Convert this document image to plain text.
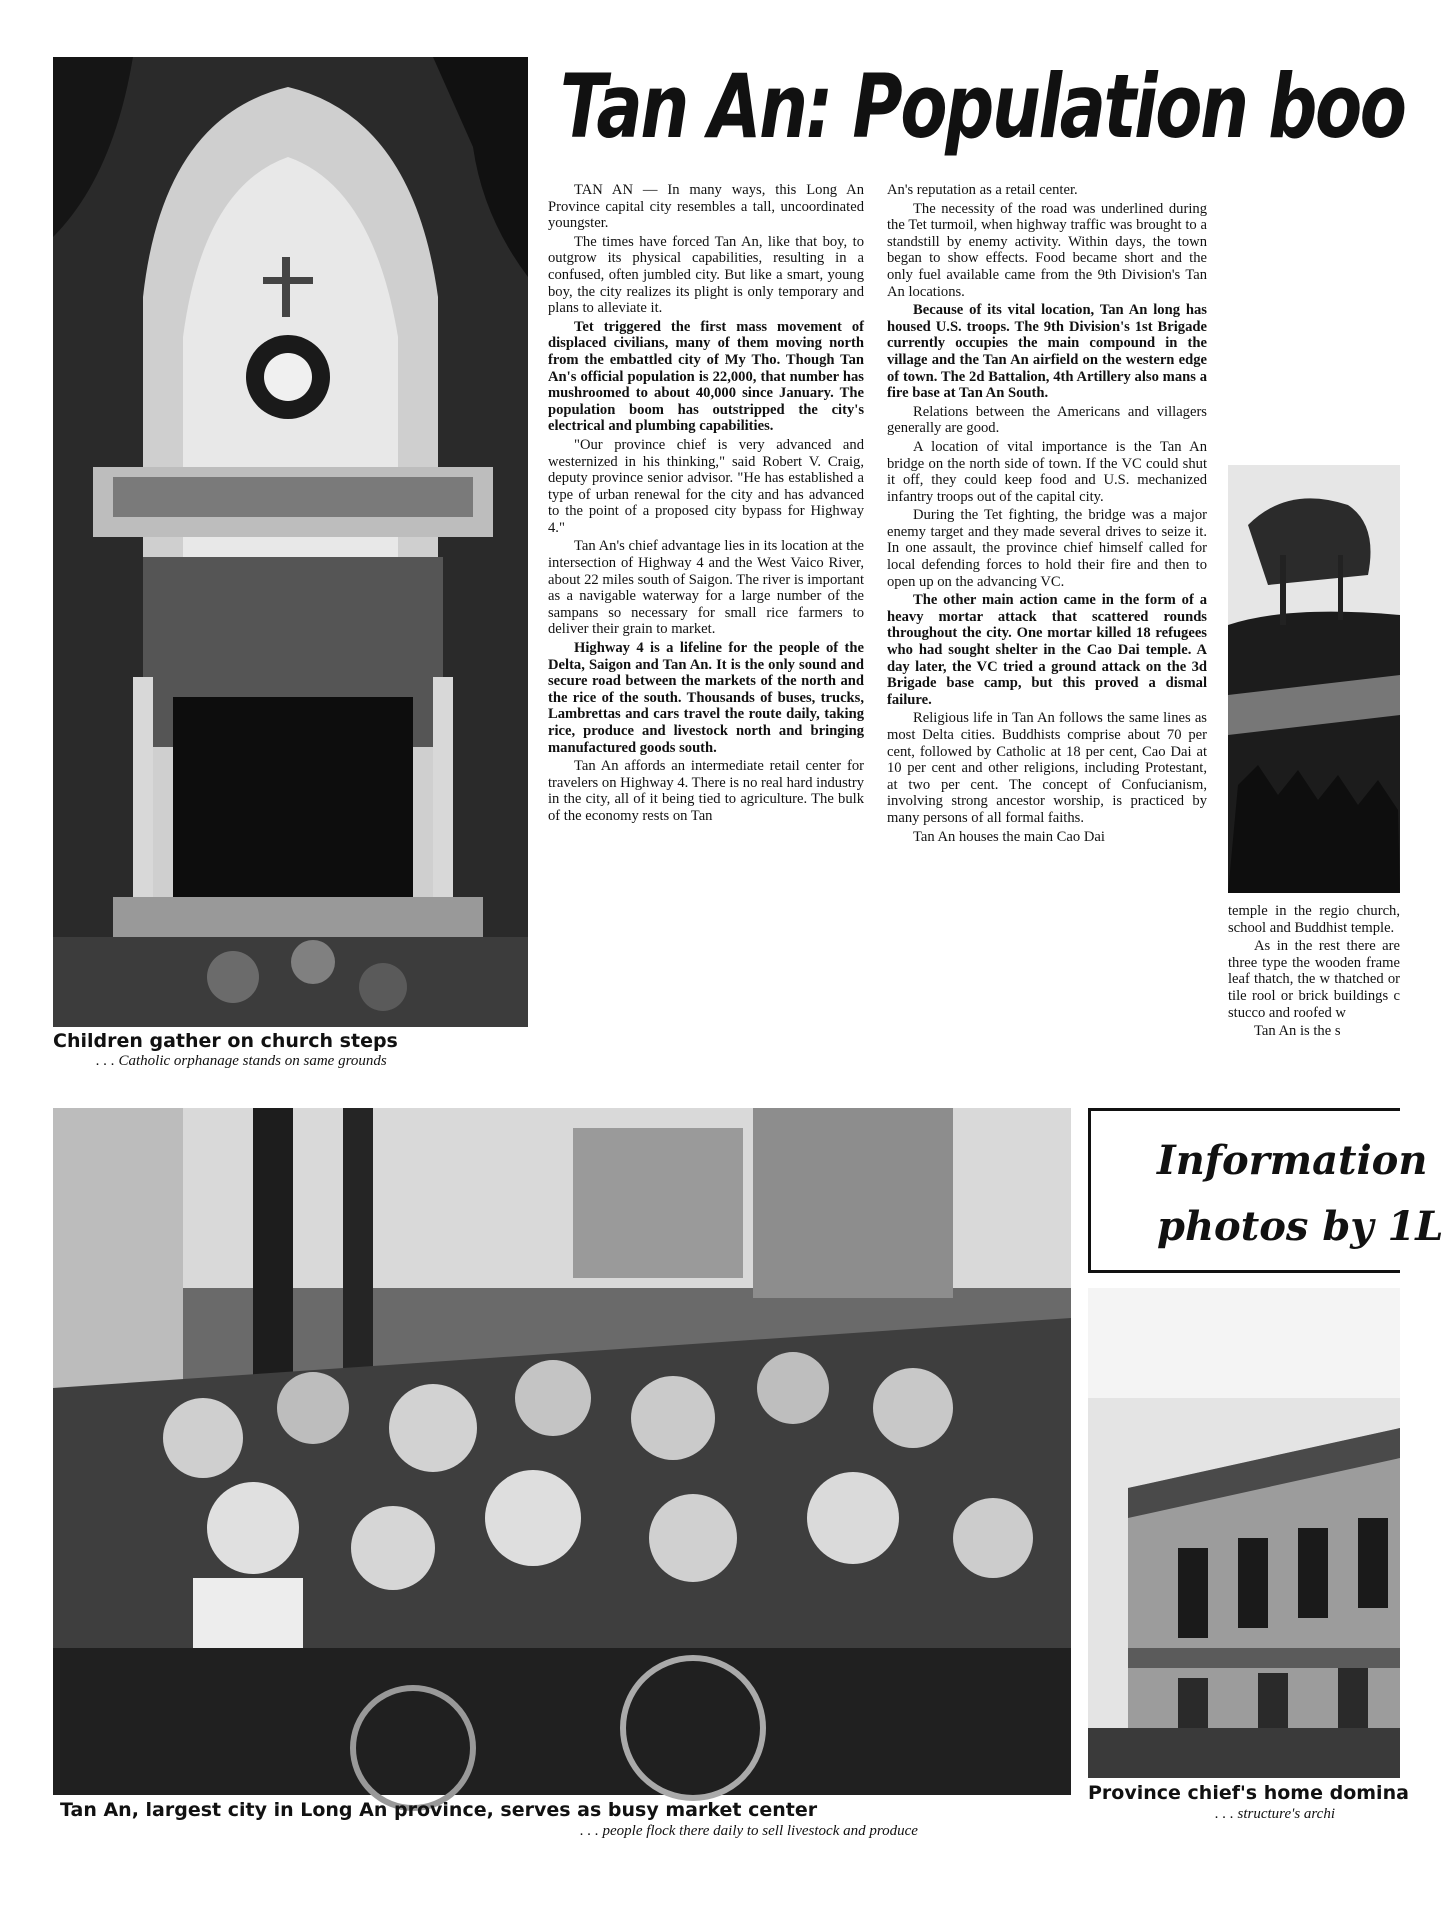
Children gather on church steps
. . . Catholic orphanage stands on same grounds
Tan An: Population boo

TAN AN — In many ways, this Long An Province capital city resembles a tall, uncoordinated youngster.

The times have forced Tan An, like that boy, to outgrow its physical capabilities, resulting in a confused, often jumbled city. But like a smart, young boy, the city realizes its plight is only temporary and plans to alleviate it.

Tet triggered the first mass movement of displaced civilians, many of them moving north from the embattled city of My Tho. Though Tan An's official population is 22,000, that number has mushroomed to about 40,000 since January. The population boom has outstripped the city's electrical and plumbing capabilities.

"Our province chief is very advanced and westernized in his thinking," said Robert V. Craig, deputy province senior advisor. "He has established a type of urban renewal for the city and has advanced to the point of a proposed city bypass for Highway 4."

Tan An's chief advantage lies in its location at the intersection of Highway 4 and the West Vaico River, about 22 miles south of Saigon. The river is important as a navigable waterway for a large number of the sampans so necessary for small rice farmers to deliver their grain to market.

Highway 4 is a lifeline for the people of the Delta, Saigon and Tan An. It is the only sound and secure road between the markets of the north and the rice of the south. Thousands of buses, trucks, Lambrettas and cars travel the route daily, taking rice, produce and livestock north and bringing manufactured goods south.

Tan An affords an intermediate retail center for travelers on Highway 4. There is no real hard industry in the city, all of it being tied to agriculture. The bulk of the economy rests on Tan

An's reputation as a retail center.

The necessity of the road was underlined during the Tet turmoil, when highway traffic was brought to a standstill by enemy activity. Within days, the town began to show effects. Food became short and the only fuel available came from the 9th Division's Tan An locations.

Because of its vital location, Tan An long has housed U.S. troops. The 9th Division's 1st Brigade currently occupies the main compound in the village and the Tan An airfield on the western edge of town. The 2d Battalion, 4th Artillery also mans a fire base at Tan An South.

Relations between the Americans and villagers generally are good.

A location of vital importance is the Tan An bridge on the north side of town. If the VC could shut it off, they could keep food and U.S. mechanized infantry troops out of the capital city.

During the Tet fighting, the bridge was a major enemy target and they made several drives to seize it. In one assault, the province chief himself called for local defending forces to hold their fire and then to open up on the advancing VC.

The other main action came in the form of a heavy mortar attack that scattered rounds throughout the city. One mortar killed 18 refugees who had sought shelter in the Cao Dai temple. A day later, the VC tried a ground attack on the 3d Brigade base camp, but this proved a dismal failure.

Religious life in Tan An follows the same lines as most Delta cities. Buddhists comprise about 70 per cent, followed by Catholic at 18 per cent, Cao Dai at 10 per cent and other religions, including Protestant, at two per cent. The concept of Confucianism, involving strong ancestor worship, is practiced by many persons of all formal faiths.

Tan An houses the main Cao Dai

temple in the regio church, school and Buddhist temple.

As in the rest there are three type the wooden frame leaf thatch, the w thatched or tile rool or brick buildings c stucco and roofed w

Tan An is the s

Tan An, largest city in Long An province, serves as busy market center
. . . people flock there daily to sell livestock and produce
Information
photos by 1L
Province chief's home domina
. . . structure's archi
